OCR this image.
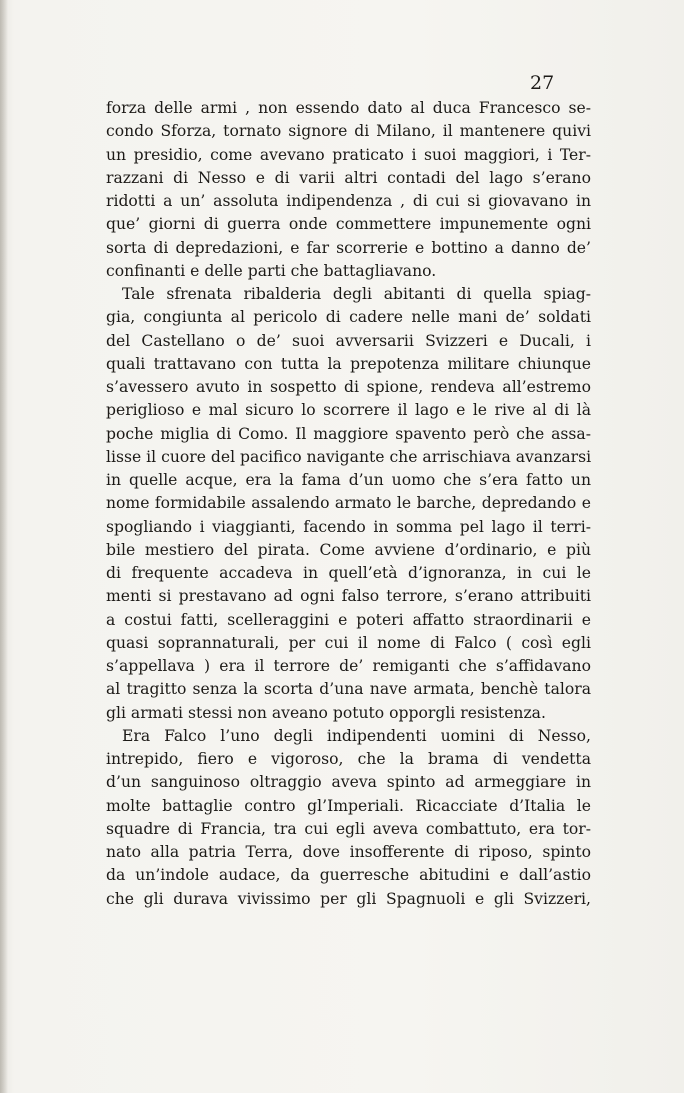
27
forza delle armi , non essendo dato al duca Francesco se-
condo Sforza, tornato signore di Milano, il mantenere quivi
un presidio, come avevano praticato i suoi maggiori, i Ter-
razzani di Nesso e di varii altri contadi del lago s’erano
ridotti a un’ assoluta indipendenza , di cui si giovavano in
que’ giorni di guerra onde commettere impunemente ogni
sorta di depredazioni, e far scorrerie e bottino a danno de’
confinanti e delle parti che battagliavano.
Tale sfrenata ribalderia degli abitanti di quella spiag-
gia, congiunta al pericolo di cadere nelle mani de’ soldati
del Castellano o de’ suoi avversarii Svizzeri e Ducali, i
quali trattavano con tutta la prepotenza militare chiunque
s’avessero avuto in sospetto di spione, rendeva all’estremo
periglioso e mal sicuro lo scorrere il lago e le rive al di là
poche miglia di Como. Il maggiore spavento però che assa-
lisse il cuore del pacifico navigante che arrischiava avanzarsi
in quelle acque, era la fama d’un uomo che s’era fatto un
nome formidabile assalendo armato le barche, depredando e
spogliando i viaggianti, facendo in somma pel lago il terri-
bile mestiero del pirata. Come avviene d’ordinario, e più
di frequente accadeva in quell’età d’ignoranza, in cui le
menti si prestavano ad ogni falso terrore, s’erano attribuiti
a costui fatti, scelleraggini e poteri affatto straordinarii e
quasi soprannaturali, per cui il nome di Falco ( così egli
s’appellava ) era il terrore de’ remiganti che s’affidavano
al tragitto senza la scorta d’una nave armata, benchè talora
gli armati stessi non aveano potuto opporgli resistenza.
Era Falco l’uno degli indipendenti uomini di Nesso,
intrepido, fiero e vigoroso, che la brama di vendetta
d’un sanguinoso oltraggio aveva spinto ad armeggiare in
molte battaglie contro gl’Imperiali. Ricacciate d’Italia le
squadre di Francia, tra cui egli aveva combattuto, era tor-
nato alla patria Terra, dove insofferente di riposo, spinto
da un’indole audace, da guerresche abitudini e dall’astio
che gli durava vivissimo per gli Spagnuoli e gli Svizzeri,
